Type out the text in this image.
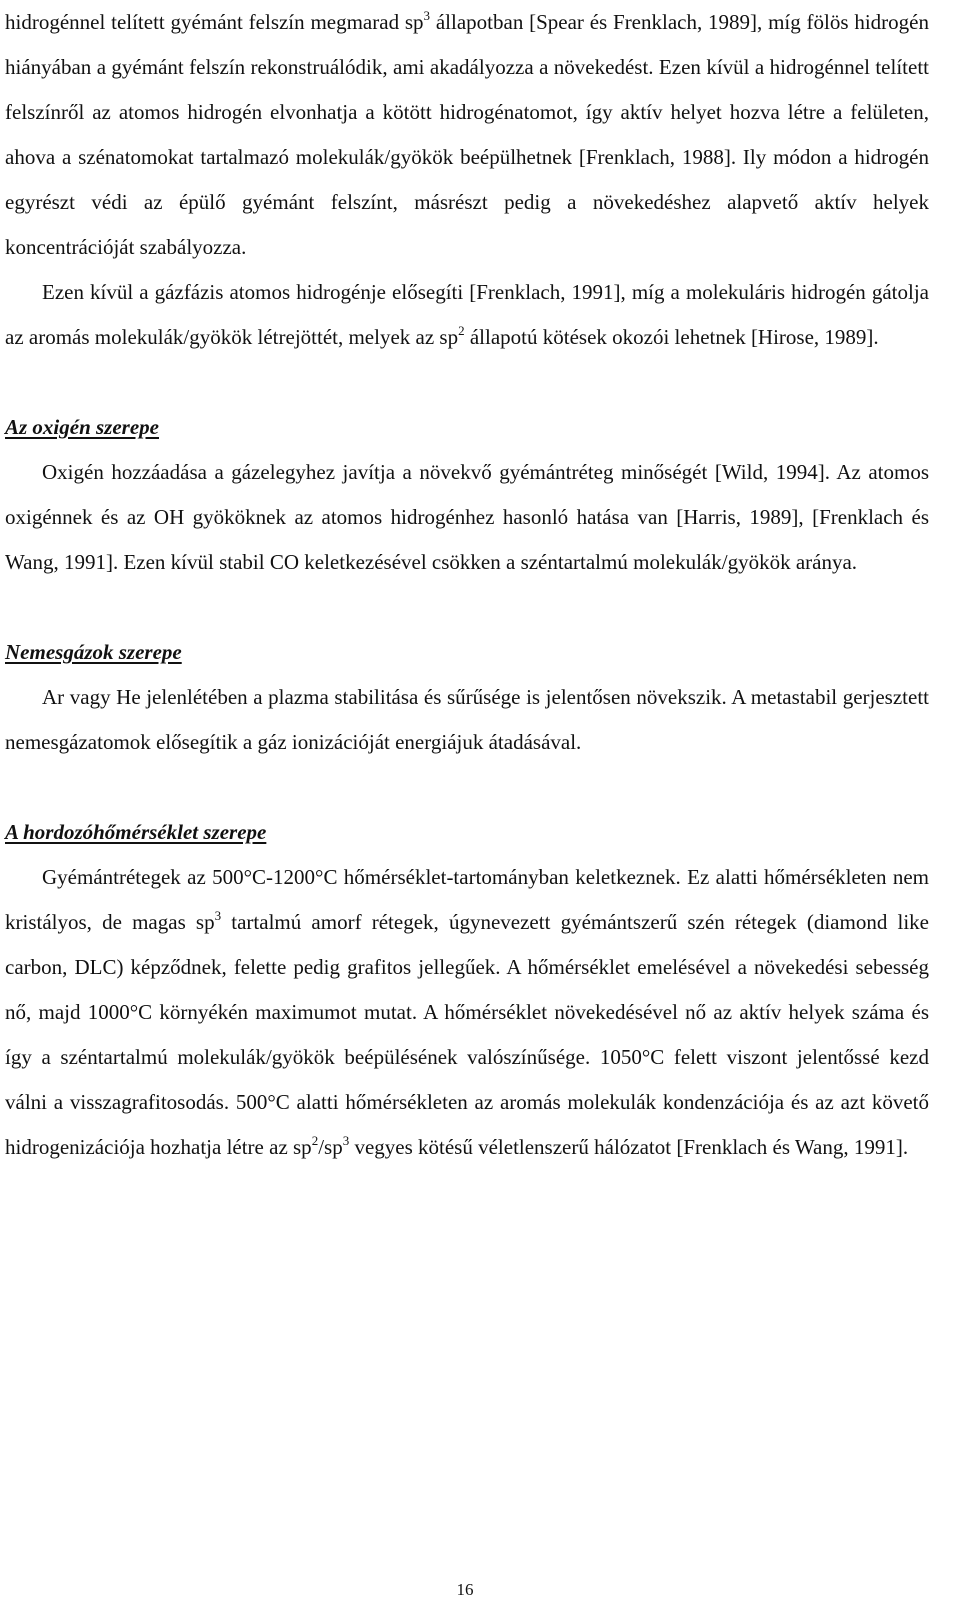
hidrogénnel telített gyémánt felszín megmarad $sp^3$ állapotban [Spear és Frenklach, 1989], míg fölös hidrogén hiányában a gyémánt felszín rekonstruálódik, ami akadályozza a növekedést. Ezen kívül a hidrogénnel telített felszínről az atomos hidrogén elvonhatja a kötött hidrogénatomot, így aktív helyet hozva létre a felületen, ahova a szénatomokat tartalmazó molekulák/gyökök beépülhetnek [Frenklach, 1988]. Ily módon a hidrogén egyrészt védi az épülő gyémánt felszínt, másrészt pedig a növekedéshez alapvető aktív helyek koncentrációját szabályozza.

Ezen kívül a gázfázis atomos hidrogénje elősegíti [Frenklach, 1991], míg a molekuláris hidrogén gátolja az aromás molekulák/gyökök létrejöttét, melyek az $sp^2$ állapotú kötések okozói lehetnek [Hirose, 1989].

Az oxigén szerepe

Oxigén hozzáadása a gázelegyhez javítja a növekvő gyémántréteg minőségét [Wild, 1994]. Az atomos oxigénnek és az OH gyököknek az atomos hidrogénhez hasonló hatása van [Harris, 1989], [Frenklach és Wang, 1991]. Ezen kívül stabil CO keletkezésével csökken a széntartalmú molekulák/gyökök aránya.

Nemesgázok szerepe

Ar vagy He jelenlétében a plazma stabilitása és sűrűsége is jelentősen növekszik. A metastabil gerjesztett nemesgázatomok elősegítik a gáz ionizációját energiájuk átadásával.

A hordozóhőmérséklet szerepe

Gyémántrétegek az 500°C-1200°C hőmérséklet-tartományban keletkeznek. Ez alatti hőmérsékleten nem kristályos, de magas $sp^3$ tartalmú amorf rétegek, úgynevezett gyémántszerű szén rétegek (diamond like carbon, DLC) képződnek, felette pedig grafitos jellegűek. A hőmérséklet emelésével a növekedési sebesség nő, majd 1000°C környékén maximumot mutat. A hőmérséklet növekedésével nő az aktív helyek száma és így a széntartalmú molekulák/gyökök beépülésének valószínűsége. 1050°C felett viszont jelentőssé kezd válni a visszagrafitosodás. 500°C alatti hőmérsékleten az aromás molekulák kondenzációja és az azt követő hidrogenizációja hozhatja létre az $sp^2/sp^3$ vegyes kötésű véletlenszerű hálózatot [Frenklach és Wang, 1991].

16
